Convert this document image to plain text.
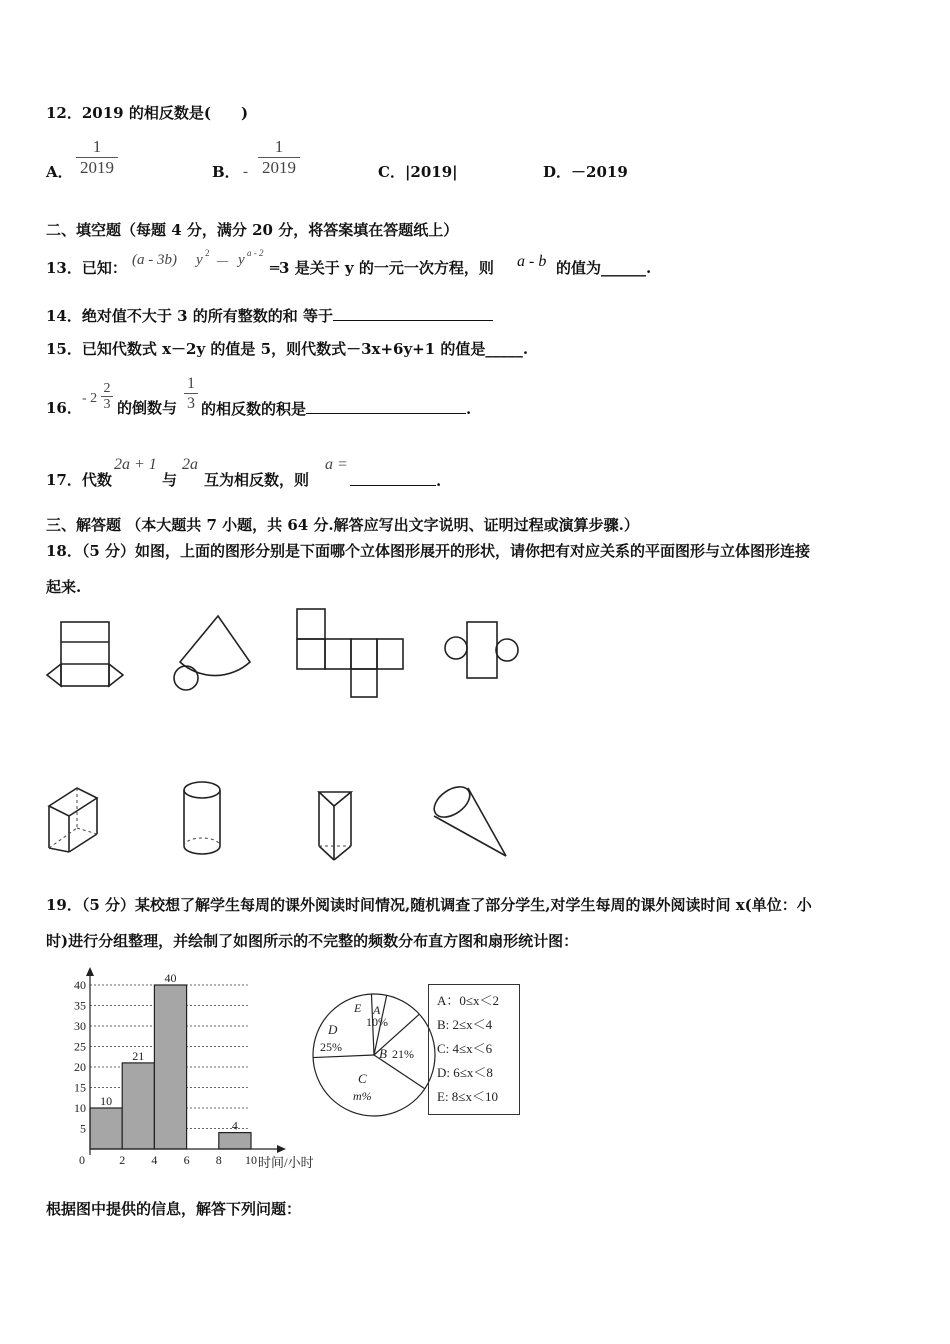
12．2019 的相反数是(　　)
A．
1
2019	B． -
1
2019	C．|2019|	D．－2019
二、填空题（每题 4 分，满分 20 分，将答案填在答题纸上）
13．已知： (a - 3b) y 2
－ y a - 2
═3 是关于 y 的一元一次方程，则 a - b 的值为______.
14．绝对值不大于 3 的所有整数的和 等于
15．已知代数式 x－2y 的值是 5，则代数式－3x+6y+1 的值是_____.
16．
- 2
2
3 的倒数与
1
3 的相反数的积是	.
17．代数
2a + 1
与
2a
互为相反数，则
a =
.
三、解答题 （本大题共 7 小题，共 64 分.解答应写出文字说明、证明过程或演算步骤.）
18．（5 分）如图，上面的图形分别是下面哪个立体图形展开的形状，请你把有对应关系的平面图形与立体图形连接
起来.
19．（5 分）某校想了解学生每周的课外阅读时间情况,随机调查了部分学生,对学生每周的课外阅读时间 x(单位：小
时)进行分组整理，并绘制了如图所示的不完整的频数分布直方图和扇形统计图：
5
10
15
20
25
30
35
40
0	2 4 6 8 10
10
21
40
4
时间/小时
A
10%
B 21%
C
m%
D
25%
E	A：0≤x＜2
B: 2≤x＜4
C: 4≤x＜6
D: 6≤x＜8
E: 8≤x＜10
根据图中提供的信息，解答下列问题：
